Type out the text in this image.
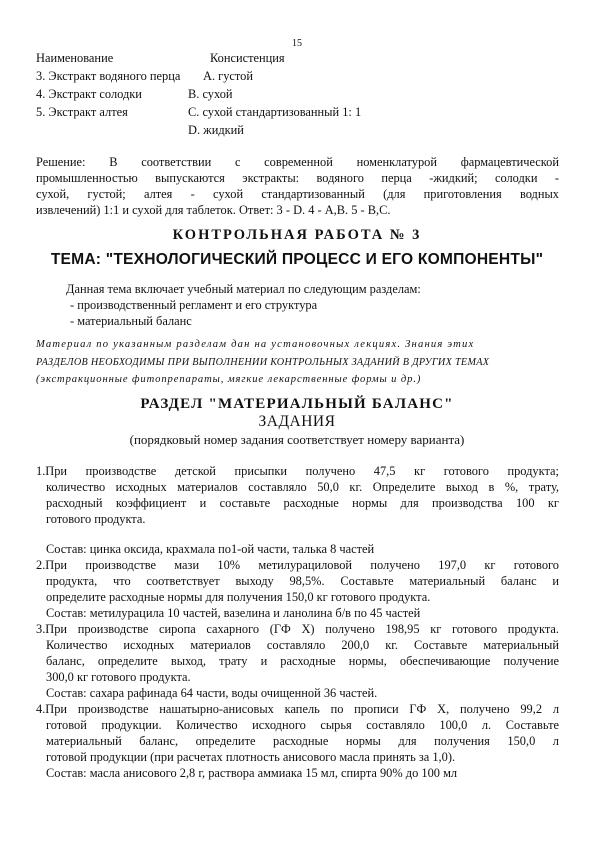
15
Наименование	Консистенция
3. Экстракт водяного перца A. густой
4. Экстракт солодки	B. сухой
5. Экстракт алтея	C. сухой стандартизованный 1: 1
D. жидкий
Решение: В соответствии с современной номенклатурой фармацевтической
промышленностью выпускаются экстракты: водяного перца -жидкий; солодки -
сухой, густой; алтея - сухой стандартизованный (для приготовления водных
извлечений) 1:1 и сухой для таблеток. Ответ: 3 - D. 4 - А,В. 5 - В,С.
КОНТРОЛЬНАЯ РАБОТА № 3
ТЕМА: "ТЕХНОЛОГИЧЕСКИЙ ПРОЦЕСС И ЕГО КОМПОНЕНТЫ"
Данная тема включает учебный материал по следующим разделам:
- производственный регламент и его структура
- материальный баланс
Материал по указанным разделам дан на установочных лекциях. Знания этих
РАЗДЕЛОВ НЕОБХОДИМЫ ПРИ ВЫПОЛНЕНИИ КОНТРОЛЬНЫХ ЗАДАНИЙ В ДРУГИХ ТЕМАХ
(экстракционные фитопрепараты, мягкие лекарственные формы и др.)
РАЗДЕЛ "МАТЕРИАЛЬНЫЙ БАЛАНС"
ЗАДАНИЯ
(порядковый номер задания соответствует номеру варианта)
1.При производстве детской присыпки получено 47,5 кг готового продукта;
количество исходных материалов составляло 50,0 кг. Определите выход в %, трату,
расходный коэффициент и составьте расходные нормы для производства 100 кг
готового продукта.
Состав: цинка оксида, крахмала по1-ой части, талька 8 частей
2.При производстве мази 10% метилурациловой получено 197,0 кг готового
продукта, что соответствует выходу 98,5%. Составьте материальный баланс и
определите расходные нормы для получения 150,0 кг готового продукта.
Состав: метилурацила 10 частей, вазелина и ланолина б/в по 45 частей
3.При производстве сиропа сахарного (ГФ X) получено 198,95 кг готового продукта.
Количество исходных материалов составляло 200,0 кг. Составьте материальный
баланс, определите выход, трату и расходные нормы, обеспечивающие получение
300,0 кг готового продукта.
Состав: сахара рафинада 64 части, воды очищенной 36 частей.
4.При производстве нашатырно-анисовых капель по прописи ГФ X, получено 99,2 л
готовой продукции. Количество исходного сырья составляло 100,0 л. Составьте
материальный баланс, определите расходные нормы для получения 150,0 л
готовой продукции (при расчетах плотность анисового масла принять за 1,0).
Состав: масла анисового 2,8 г, раствора аммиака 15 мл, спирта 90% до 100 мл
